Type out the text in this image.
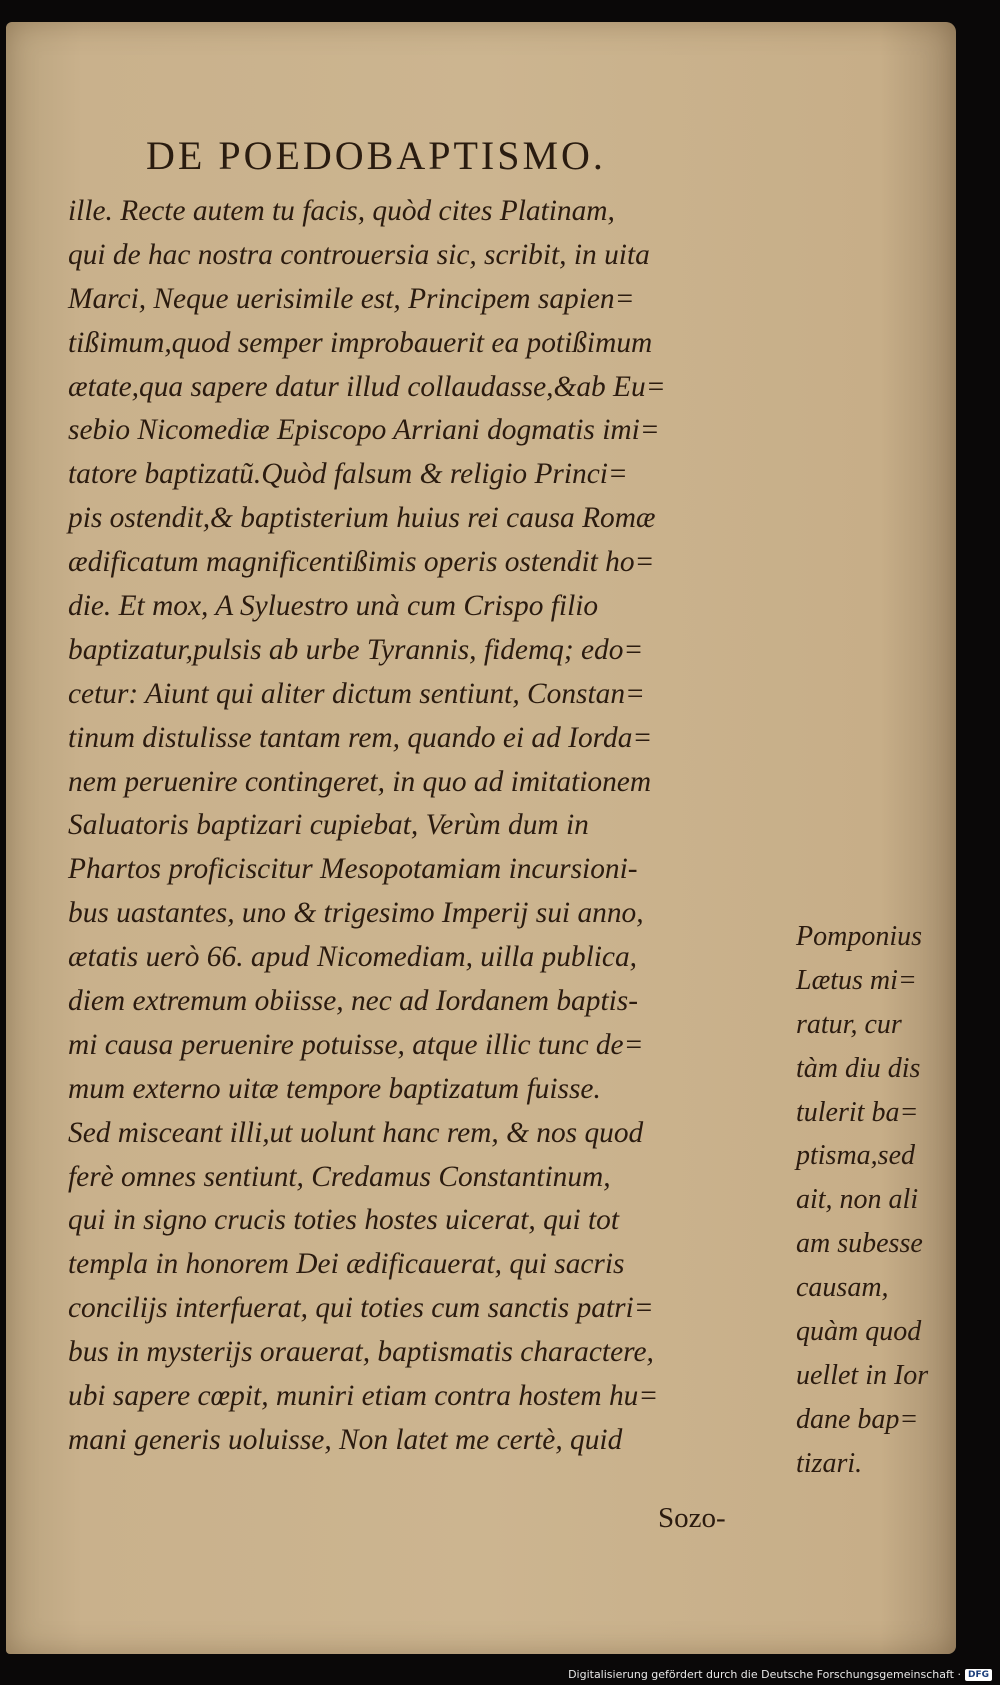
DE POEDOBAPTISMO.
ille. Recte autem tu facis, quòd cites Platinam,
qui de hac nostra controuersia sic, scribit, in uita
Marci, Neque uerisimile est, Principem sapien=
tißimum,quod semper improbauerit ea potißimum
ætate,qua sapere datur illud collaudasse,&ab Eu=
sebio Nicomediæ Episcopo Arriani dogmatis imi=
tatore baptizatũ.Quòd falsum & religio Princi=
pis ostendit,& baptisterium huius rei causa Romæ
ædificatum magnificentißimis operis ostendit ho=
die. Et mox, A Syluestro unà cum Crispo filio
baptizatur,pulsis ab urbe Tyrannis, fidemq; edo=
cetur: Aiunt qui aliter dictum sentiunt, Constan=
tinum distulisse tantam rem, quando ei ad Iorda=
nem peruenire contingeret, in quo ad imitationem
Saluatoris baptizari cupiebat, Verùm dum in
Phartos proficiscitur Mesopotamiam incursioni-
bus uastantes, uno & trigesimo Imperij sui anno,
ætatis uerò 66. apud Nicomediam, uilla publica,
diem extremum obiisse, nec ad Iordanem baptis-
mi causa peruenire potuisse, atque illic tunc de=
mum externo uitæ tempore baptizatum fuisse.
Sed misceant illi,ut uolunt hanc rem, & nos quod
ferè omnes sentiunt, Credamus Constantinum,
qui in signo crucis toties hostes uicerat, qui tot
templa in honorem Dei ædificauerat, qui sacris
concilijs interfuerat, qui toties cum sanctis patri=
bus in mysterijs orauerat, baptismatis charactere,
ubi sapere cœpit, muniri etiam contra hostem hu=
mani generis uoluisse, Non latet me certè, quid
Pomponius
Lætus mi=
ratur, cur
tàm diu dis
tulerit ba=
ptisma,sed
ait, non ali
am subesse
causam,
quàm quod
uellet in Ior
dane bap=
tizari.
Sozo-
Digitalisierung gefördert durch die Deutsche Forschungsgemeinschaft · DFG
